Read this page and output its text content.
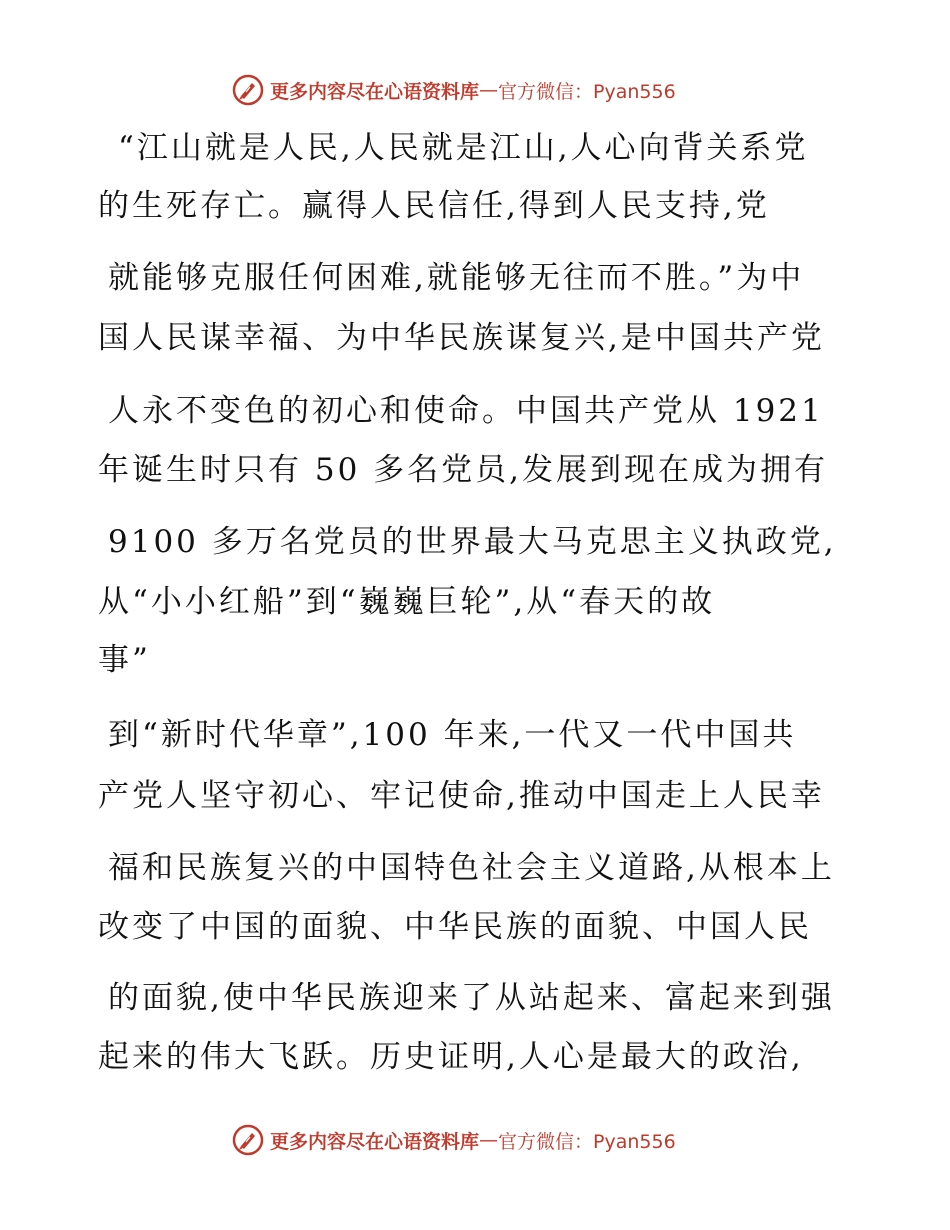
更多内容尽在心语资料库 — 官方微信：Pyan556
“江山就是人民,人民就是江山,人心向背关系党
的生死存亡。赢得人民信任,得到人民支持,党
就能够克服任何困难,就能够无往而不胜。”为中
国人民谋幸福、为中华民族谋复兴,是中国共产党
人永不变色的初心和使命。中国共产党从 1921
年诞生时只有 50 多名党员,发展到现在成为拥有
9100 多万名党员的世界最大马克思主义执政党,
从“小小红船”到“巍巍巨轮”,从“春天的故
事”
到“新时代华章”,100 年来,一代又一代中国共
产党人坚守初心、牢记使命,推动中国走上人民幸
福和民族复兴的中国特色社会主义道路,从根本上
改变了中国的面貌、中华民族的面貌、中国人民
的面貌,使中华民族迎来了从站起来、富起来到强
起来的伟大飞跃。历史证明,人心是最大的政治,
更多内容尽在心语资料库 — 官方微信：Pyan556
